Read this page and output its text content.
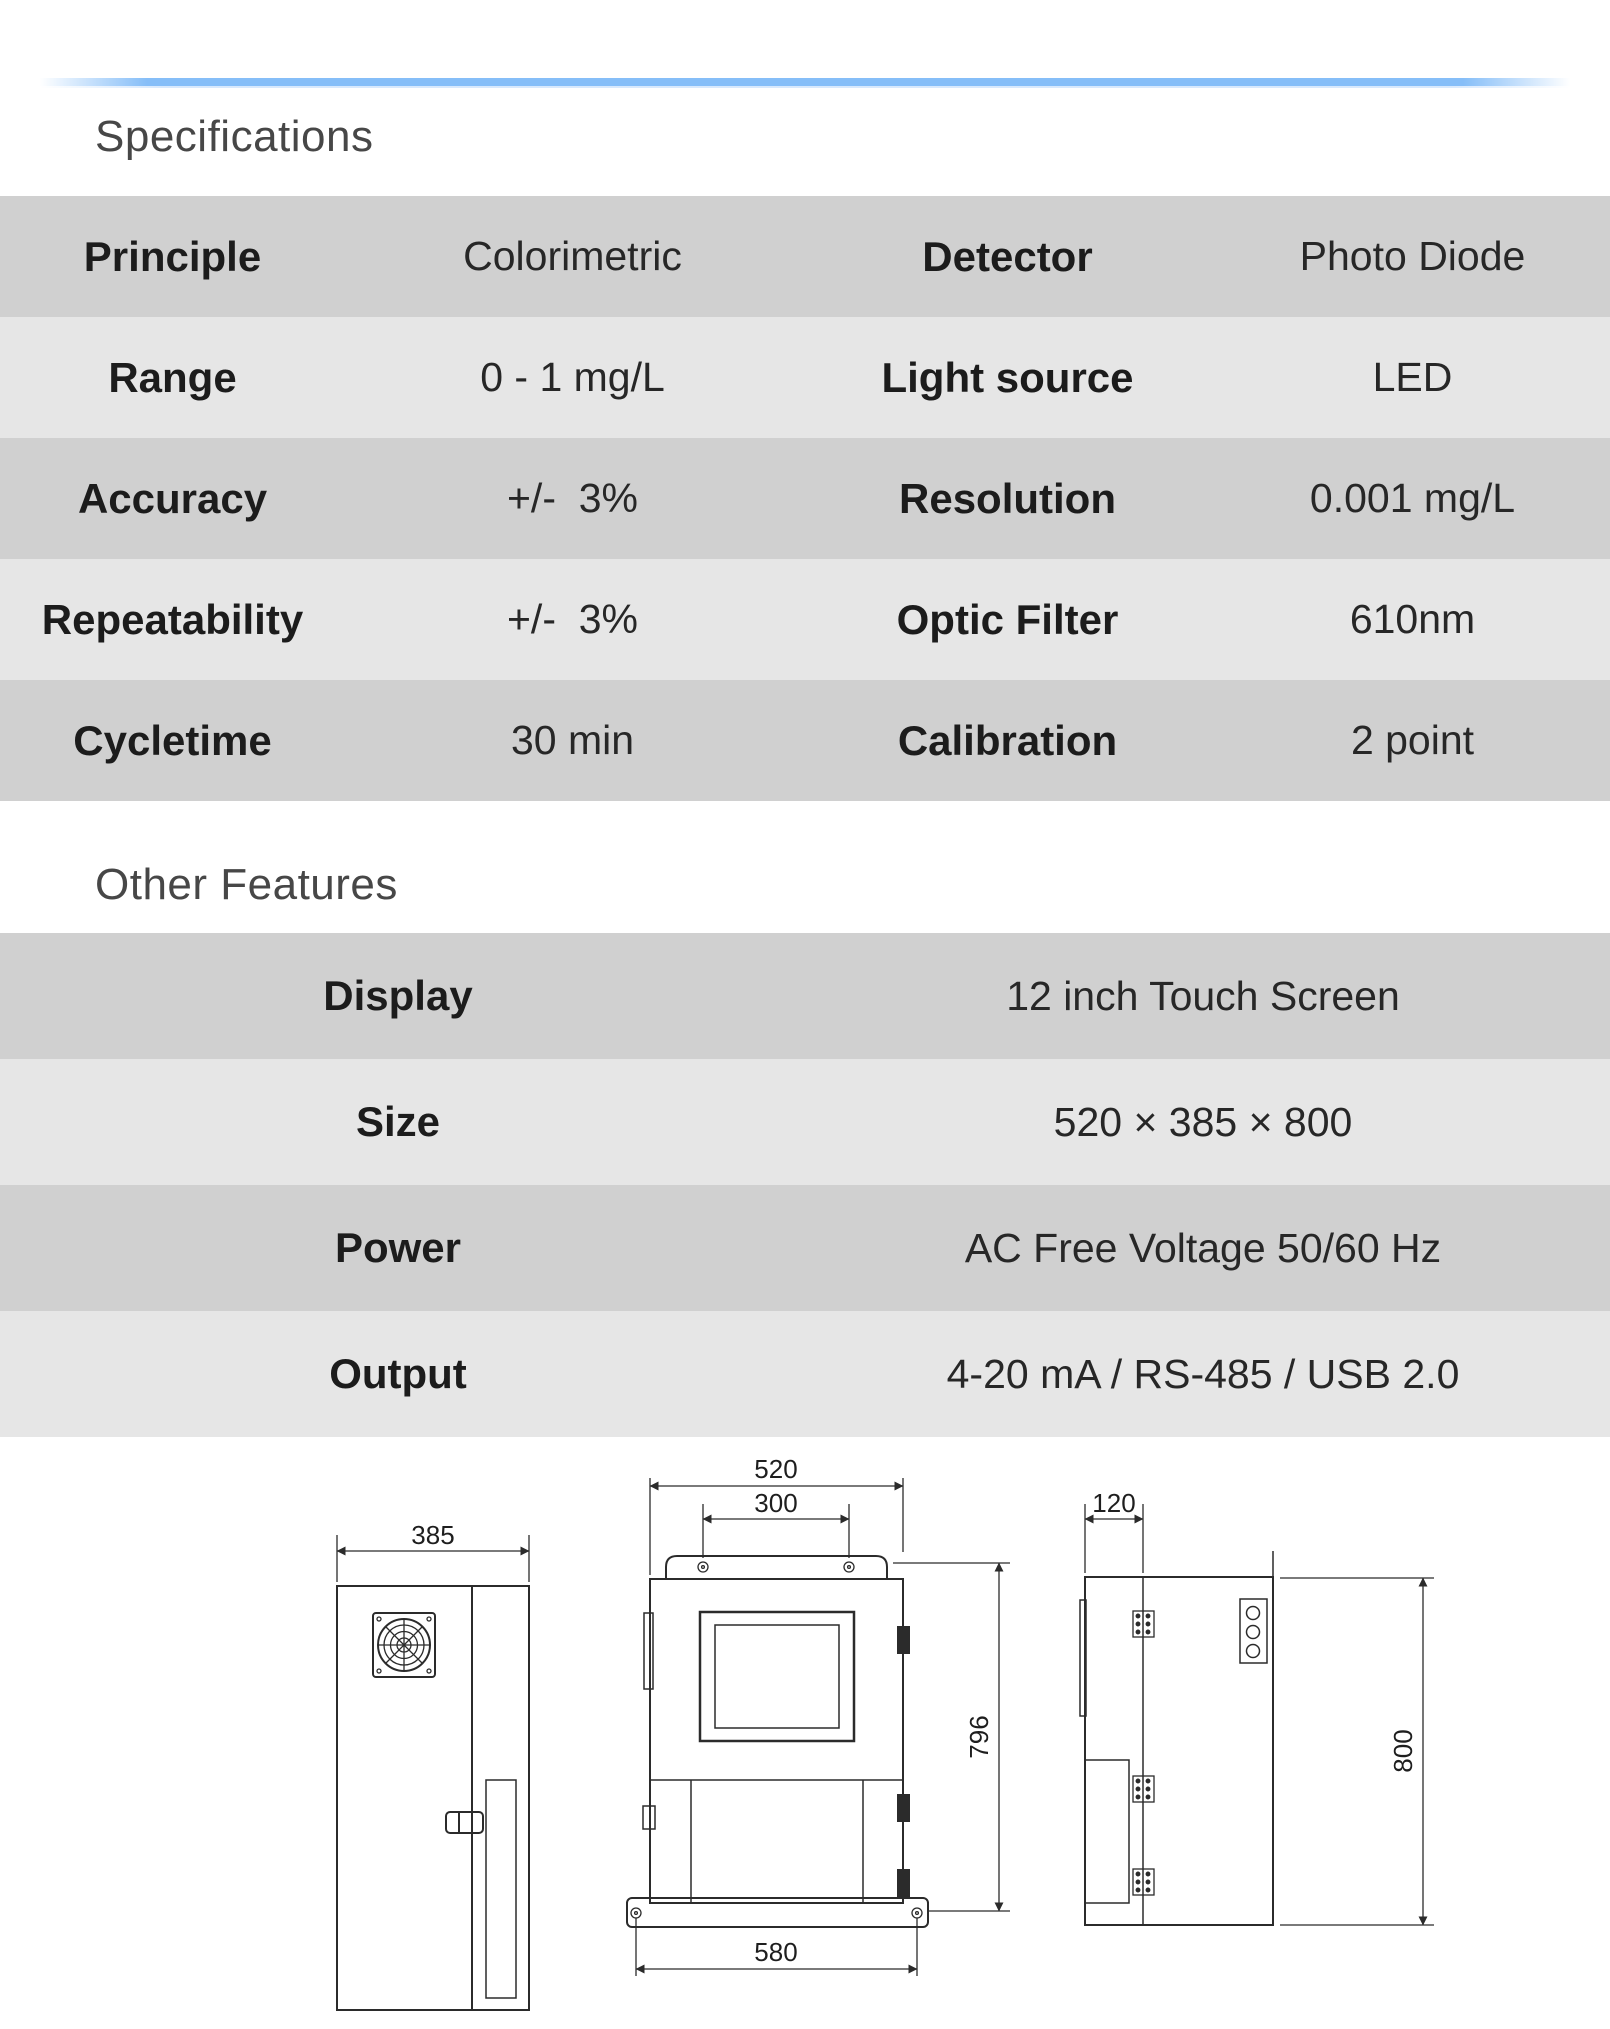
Specifications
Principle	Colorimetric	Detector	Photo Diode
Range	0 - 1 mg/L	Light source	LED
Accuracy	+/-  3%	Resolution	0.001 mg/L
Repeatability	+/-  3%	Optic Filter	610nm
Cycletime	30 min	Calibration	2 point
Other Features
Display	12 inch Touch Screen
Size	520 × 385 × 800
Power	AC Free Voltage 50/60 Hz
Output	4-20 mA / RS-485 / USB 2.0
385
520
300	120
580
796	800
